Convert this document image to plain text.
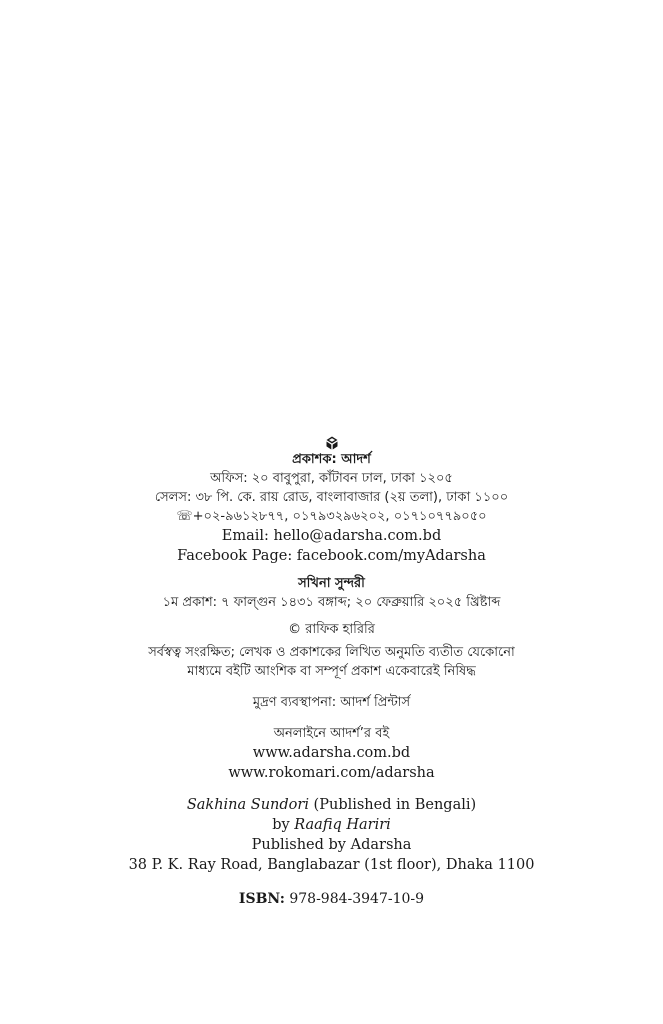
প্রকাশক: আদর্শ
অফিস: ২০ বাবুপুরা, কাঁটাবন ঢাল, ঢাকা ১২০৫
সেলস: ৩৮ পি. কে. রায় রোড, বাংলাবাজার (২য় তলা), ঢাকা ১১০০
☏+০২-৯৬১২৮৭৭, ০১৭৯৩২৯৬২০২, ০১৭১০৭৭৯০৫০
Email: hello@adarsha.com.bd
Facebook Page: facebook.com/myAdarsha
সখিনা সুন্দরী
১ম প্রকাশ: ৭ ফাল্গুন ১৪৩১ বঙ্গাব্দ; ২০ ফেব্রুয়ারি ২০২৫ খ্রিষ্টাব্দ
© রাফিক হারিরি
সর্বস্বত্ব সংরক্ষিত; লেখক ও প্রকাশকের লিখিত অনুমতি ব্যতীত যেকোনো
মাধ্যমে বইটি আংশিক বা সম্পূর্ণ প্রকাশ একেবারেই নিষিদ্ধ
মুদ্রণ ব্যবস্থাপনা: আদর্শ প্রিন্টার্স
অনলাইনে আদর্শ’র বই
www.adarsha.com.bd
www.rokomari.com/adarsha
Sakhina Sundori (Published in Bengali)
by Raafiq Hariri
Published by Adarsha
38 P. K. Ray Road, Banglabazar (1st floor), Dhaka 1100
ISBN: 978-984-3947-10-9
